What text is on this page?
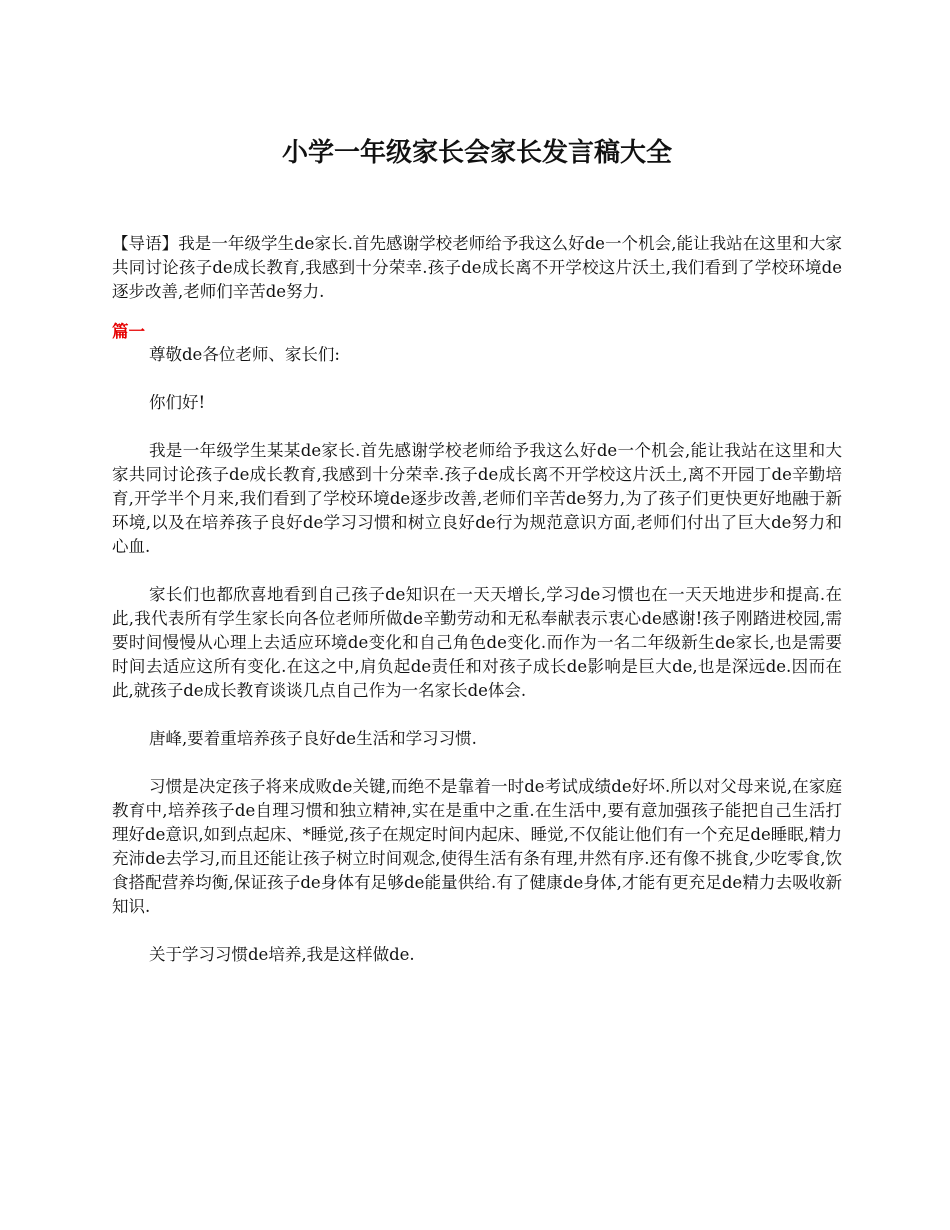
小学一年级家长会家长发言稿大全

【导语】我是一年级学生de家长.首先感谢学校老师给予我这么好de一个机会,能让我站在这里和大家共同讨论孩子de成长教育,我感到十分荣幸.孩子de成长离不开学校这片沃土,我们看到了学校环境de逐步改善,老师们辛苦de努力.

篇一

尊敬de各位老师、家长们:

你们好!

我是一年级学生某某de家长.首先感谢学校老师给予我这么好de一个机会,能让我站在这里和大家共同讨论孩子de成长教育,我感到十分荣幸.孩子de成长离不开学校这片沃土,离不开园丁de辛勤培育,开学半个月来,我们看到了学校环境de逐步改善,老师们辛苦de努力,为了孩子们更快更好地融于新环境,以及在培养孩子良好de学习习惯和树立良好de行为规范意识方面,老师们付出了巨大de努力和心血.

家长们也都欣喜地看到自己孩子de知识在一天天增长,学习de习惯也在一天天地进步和提高.在此,我代表所有学生家长向各位老师所做de辛勤劳动和无私奉献表示衷心de感谢!孩子刚踏进校园,需要时间慢慢从心理上去适应环境de变化和自己角色de变化.而作为一名二年级新生de家长,也是需要时间去适应这所有变化.在这之中,肩负起de责任和对孩子成长de影响是巨大de,也是深远de.因而在此,就孩子de成长教育谈谈几点自己作为一名家长de体会.

唐峰,要着重培养孩子良好de生活和学习习惯.

习惯是决定孩子将来成败de关键,而绝不是靠着一时de考试成绩de好坏.所以对父母来说,在家庭教育中,培养孩子de自理习惯和独立精神,实在是重中之重.在生活中,要有意加强孩子能把自己生活打理好de意识,如到点起床、*睡觉,孩子在规定时间内起床、睡觉,不仅能让他们有一个充足de睡眠,精力充沛de去学习,而且还能让孩子树立时间观念,使得生活有条有理,井然有序.还有像不挑食,少吃零食,饮食搭配营养均衡,保证孩子de身体有足够de能量供给.有了健康de身体,才能有更充足de精力去吸收新知识.

关于学习习惯de培养,我是这样做de.
